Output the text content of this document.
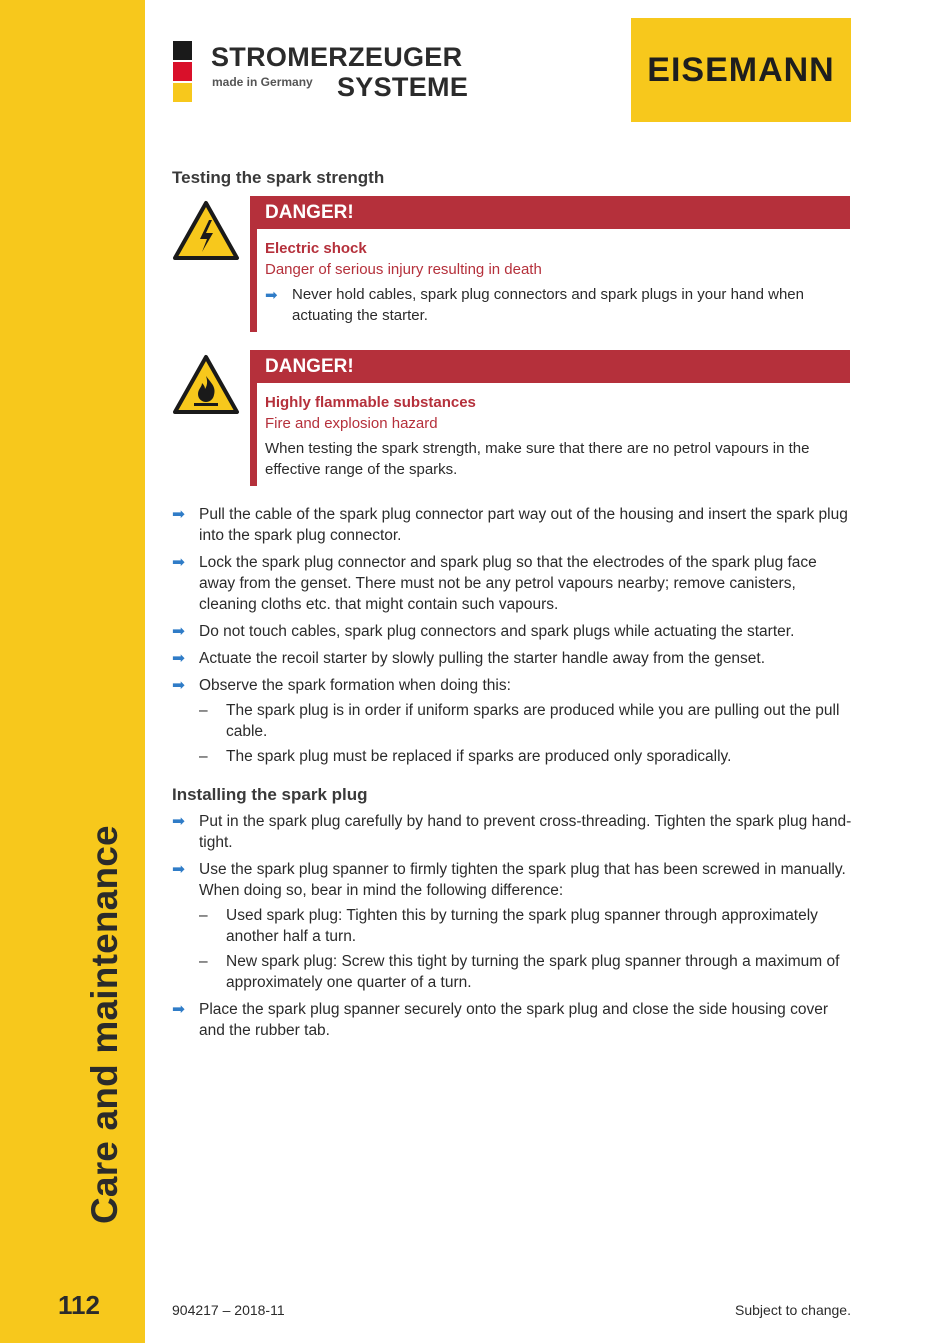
Care and maintenance
112
STROMERZEUGER
made in Germany SYSTEME	EISEMANN
Testing the spark strength
DANGER!
Electric shock
Danger of serious injury resulting in death
➡ Never hold cables, spark plug connectors and spark plugs in your hand when actuating the starter.
DANGER!
Highly flammable substances
Fire and explosion hazard
When testing the spark strength, make sure that there are no petrol vapours in the effective range of the sparks.
➡ Pull the cable of the spark plug connector part way out of the housing and insert the spark plug into the spark plug connector.
➡ Lock the spark plug connector and spark plug so that the electrodes of the spark plug face away from the genset. There must not be any petrol vapours nearby; remove canisters, cleaning cloths etc. that might contain such vapours.
➡ Do not touch cables, spark plug connectors and spark plugs while actuating the starter.
➡ Actuate the recoil starter by slowly pulling the starter handle away from the genset.
➡ Observe the spark formation when doing this:
– The spark plug is in order if uniform sparks are produced while you are pulling out the pull cable.
– The spark plug must be replaced if sparks are produced only sporadically.
Installing the spark plug
➡ Put in the spark plug carefully by hand to prevent cross-threading. Tighten the spark plug hand-tight.
➡ Use the spark plug spanner to firmly tighten the spark plug that has been screwed in manually. When doing so, bear in mind the following difference:
– Used spark plug: Tighten this by turning the spark plug spanner through approximately another half a turn.
– New spark plug: Screw this tight by turning the spark plug spanner through a maximum of approximately one quarter of a turn.
➡ Place the spark plug spanner securely onto the spark plug and close the side housing cover and the rubber tab.
904217 – 2018-11	Subject to change.
